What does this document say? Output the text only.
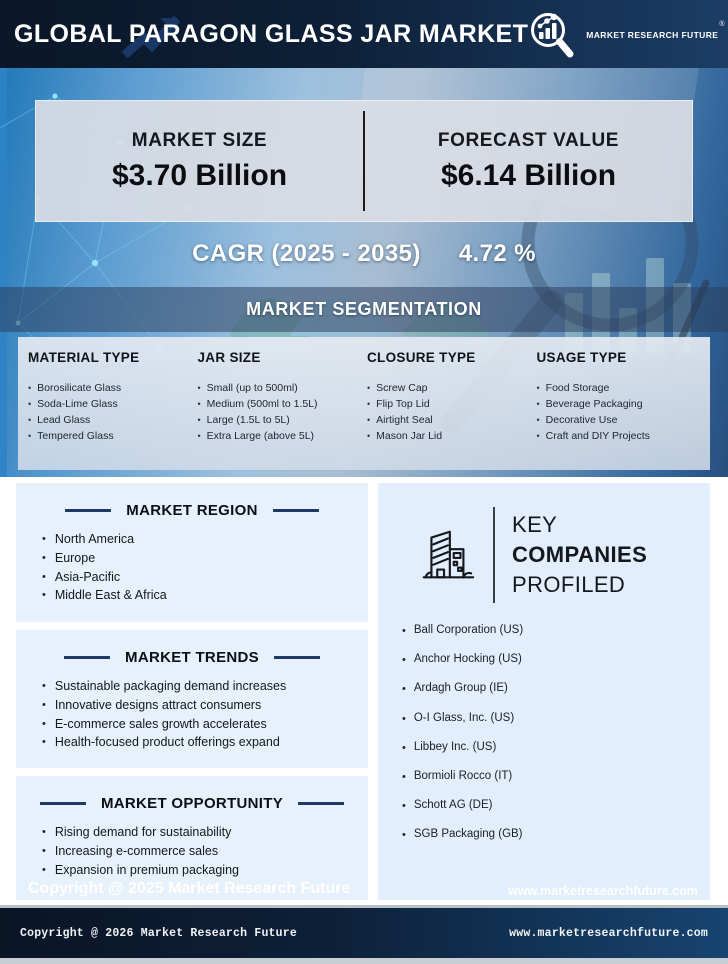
GLOBAL PARAGON GLASS JAR MARKET	MARKET RESEARCH FUTURE®
MARKET SIZE
$3.70 Billion
FORECAST VALUE
$6.14 Billion
CAGR (2025 - 2035) 4.72 %
MARKET SEGMENTATION
MATERIAL TYPE
• Borosilicate Glass
• Soda-Lime Glass
• Lead Glass
• Tempered Glass
JAR SIZE
• Small (up to 500ml)
• Medium (500ml to 1.5L)
• Large (1.5L to 5L)
• Extra Large (above 5L)
CLOSURE TYPE
• Screw Cap
• Flip Top Lid
• Airtight Seal
• Mason Jar Lid
USAGE TYPE
• Food Storage
• Beverage Packaging
• Decorative Use
• Craft and DIY Projects
MARKET REGION
• North America
• Europe
• Asia-Pacific
• Middle East & Africa
MARKET TRENDS
• Sustainable packaging demand increases
• Innovative designs attract consumers
• E-commerce sales growth accelerates
• Health-focused product offerings expand
MARKET OPPORTUNITY
• Rising demand for sustainability
• Increasing e-commerce sales
• Expansion in premium packaging
KEY
COMPANIES
PROFILED
• Ball Corporation (US)
• Anchor Hocking (US)
• Ardagh Group (IE)
• O-I Glass, Inc. (US)
• Libbey Inc. (US)
• Bormioli Rocco (IT)
• Schott AG (DE)
• SGB Packaging (GB)
Copyright @ 2025 Market Research Future	www.marketresearchfuture.com
Copyright @ 2026 Market Research Future	www.marketresearchfuture.com
